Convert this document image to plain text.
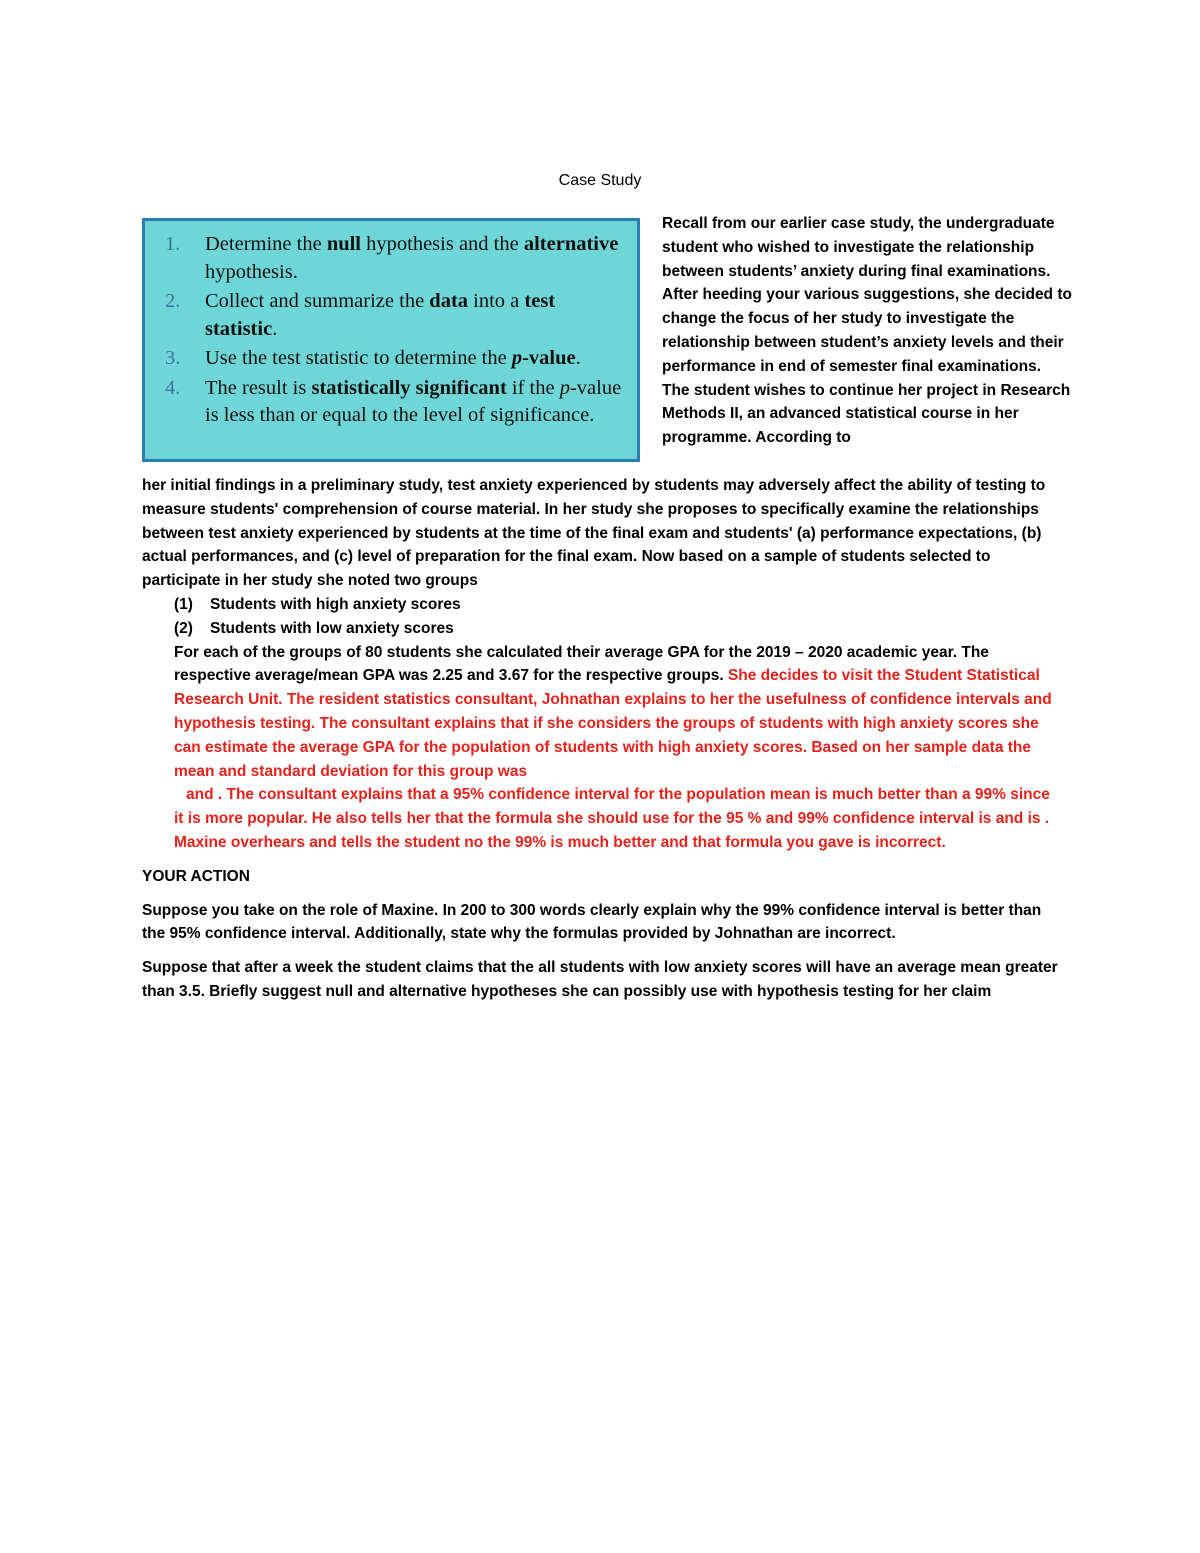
Case Study
1. Determine the null hypothesis and the alternative hypothesis.
2. Collect and summarize the data into a test statistic.
3. Use the test statistic to determine the p-value.
4. The result is statistically significant if the p-value is less than or equal to the level of significance.
Recall from our earlier case study, the undergraduate student who wished to investigate the relationship between students’ anxiety during final examinations. After heeding your various suggestions, she decided to change the focus of her study to investigate the relationship between student’s anxiety levels and their performance in end of semester final examinations. The student wishes to continue her project in Research Methods II, an advanced statistical course in her programme. According to
her initial findings in a preliminary study, test anxiety experienced by students may adversely affect the ability of testing to measure students' comprehension of course material. In her study she proposes to specifically examine the relationships between test anxiety experienced by students at the time of the final exam and students' (a) performance expectations, (b) actual performances, and (c) level of preparation for the final exam. Now based on a sample of students selected to participate in her study she noted two groups
(1) Students with high anxiety scores
(2) Students with low anxiety scores
For each of the groups of 80 students she calculated their average GPA for the 2019 – 2020 academic year. The respective average/mean GPA was 2.25 and 3.67 for the respective groups. She decides to visit the Student Statistical Research Unit. The resident statistics consultant, Johnathan explains to her the usefulness of confidence intervals and hypothesis testing. The consultant explains that if she considers the groups of students with high anxiety scores she can estimate the average GPA for the population of students with high anxiety scores. Based on her sample data the mean and standard deviation for this group was
and . The consultant explains that a 95% confidence interval for the population mean is much better than a 99% since it is more popular. He also tells her that the formula she should use for the 95 % and 99% confidence interval is and is . Maxine overhears and tells the student no the 99% is much better and that formula you gave is incorrect.
YOUR ACTION
Suppose you take on the role of Maxine. In 200 to 300 words clearly explain why the 99% confidence interval is better than the 95% confidence interval. Additionally, state why the formulas provided by Johnathan are incorrect.
Suppose that after a week the student claims that the all students with low anxiety scores will have an average mean greater than 3.5. Briefly suggest null and alternative hypotheses she can possibly use with hypothesis testing for her claim
